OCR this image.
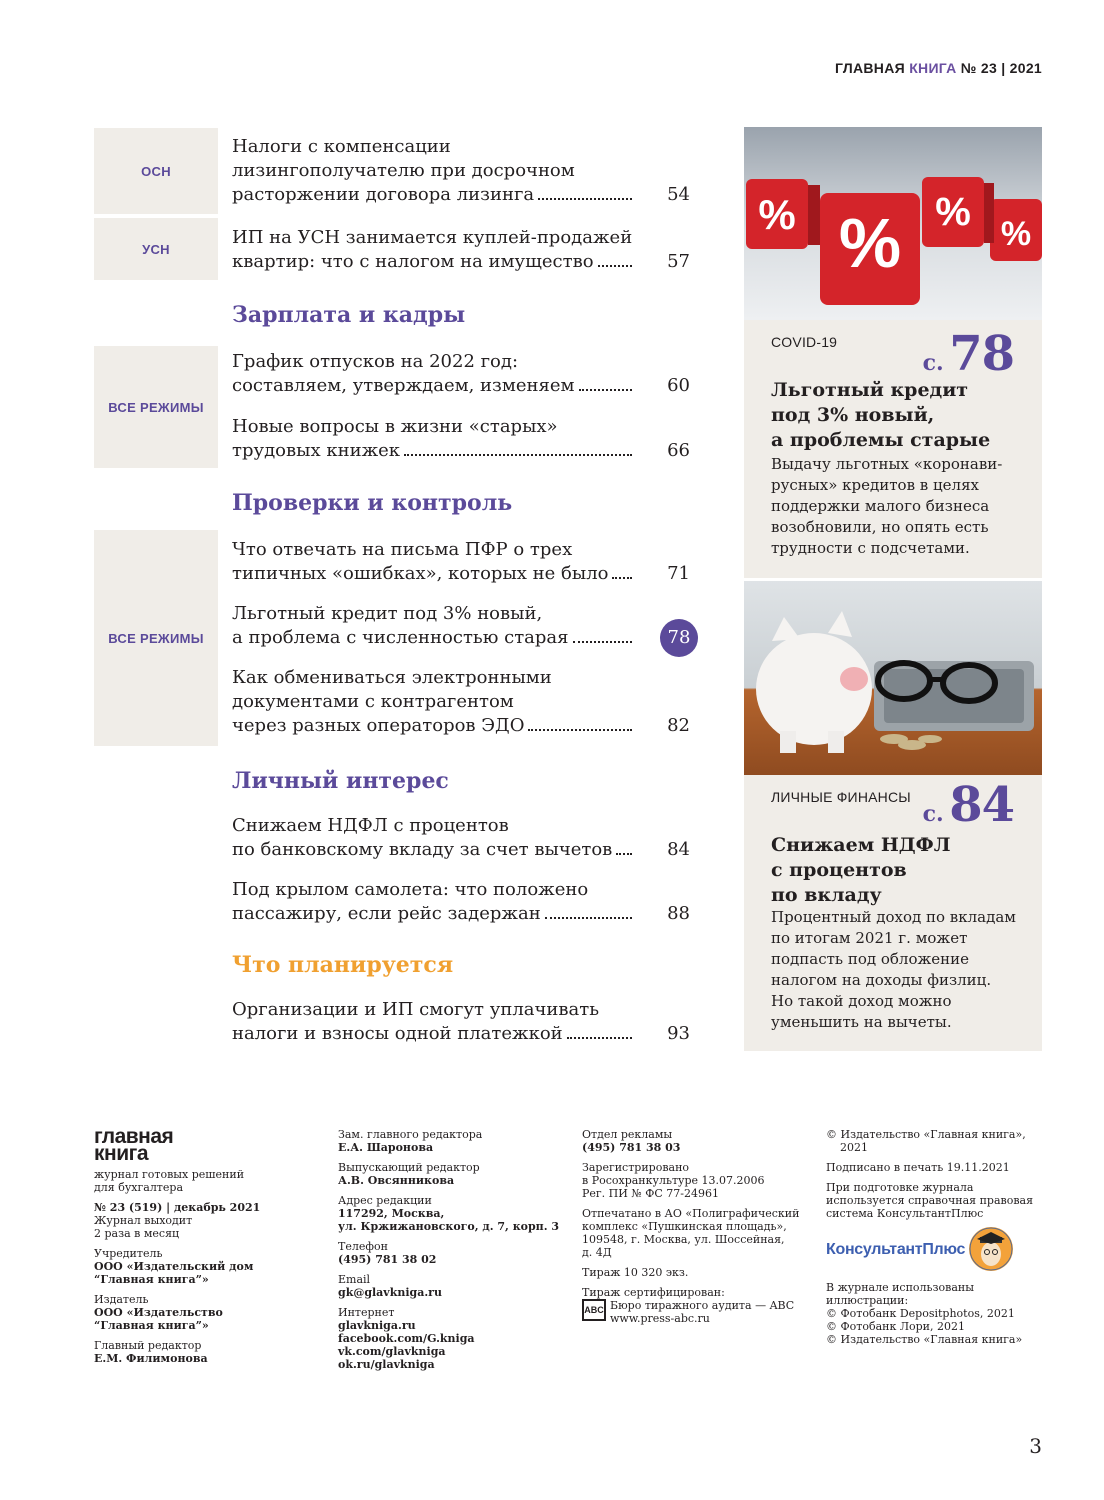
ГЛАВНАЯ КНИГА № 23 | 2021
ОСН
Налоги с компенсации
лизингополучателю при досрочном
расторжении договора лизинга	54
УСН
ИП на УСН занимается куплей-продажей
квартир: что с налогом на имущество	57
Зарплата и кадры
ВСЕ РЕЖИМЫ
График отпусков на 2022 год:
составляем, утверждаем, изменяем	60
Новые вопросы в жизни «старых»
трудовых книжек	66
Проверки и контроль
ВСЕ РЕЖИМЫ
Что отвечать на письма ПФР о трех
типичных «ошибках», которых не было	71
Льготный кредит под 3% новый,
а проблема с численностью старая	78
Как обмениваться электронными
документами с контрагентом
через разных операторов ЭДО	82
Личный интерес
Снижаем НДФЛ с процентов
по банковскому вкладу за счет вычетов	84
Под крылом самолета: что положено
пассажиру, если рейс задержан	88
Что планируется
Организации и ИП смогут уплачивать
налоги и взносы одной платежкой	93
% % % %
COVID-19
с. 78
Льготный кредит
под 3% новый,
а проблемы старые
Выдачу льготных «коронави-
русных» кредитов в целях
поддержки малого бизнеса
возобновили, но опять есть
трудности с подсчетами.
ЛИЧНЫЕ ФИНАНСЫ
с. 84
Снижаем НДФЛ
с процентов
по вкладу
Процентный доход по вкладам
по итогам 2021 г. может
подпасть под обложение
налогом на доходы физлиц.
Но такой доход можно
уменьшить на вычеты.
главная
книга

журнал готовых решений
для бухгалтера

№ 23 (519) | декабрь 2021

Журнал выходит
2 раза в месяц

Учредитель
ООО «Издательский дом
“Главная книга”»

Издатель
ООО «Издательство
“Главная книга”»

Главный редактор
Е.М. Филимонова

Зам. главного редактора
Е.А. Шаронова

Выпускающий редактор
А.В. Овсянникова

Адрес редакции
117292, Москва,
ул. Кржижановского, д. 7, корп. 3

Телефон
(495) 781 38 02

Email
gk@glavkniga.ru

Интернет
glavkniga.ru
facebook.com/G.kniga
vk.com/glavkniga
ok.ru/glavkniga

Отдел рекламы
(495) 781 38 03

Зарегистрировано
в Росохранкультуре 13.07.2006
Рег. ПИ № ФС 77-24961

Отпечатано в АО «Полиграфический
комплекс «Пушкинская площадь»,
109548, г. Москва, ул. Шоссейная,
д. 4Д

Тираж 10 320 экз.

Тираж сертифицирован:

ABC Бюро тиражного аудита — ABC
www.press-abc.ru

© Издательство «Главная книга»,
2021

Подписано в печать 19.11.2021

При подготовке журнала
используется справочная правовая
система КонсультантПлюс

КонсультантПлюс

В журнале использованы
иллюстрации:
© Фотобанк Depositphotos, 2021
© Фотобанк Лори, 2021
© Издательство «Главная книга»

3
